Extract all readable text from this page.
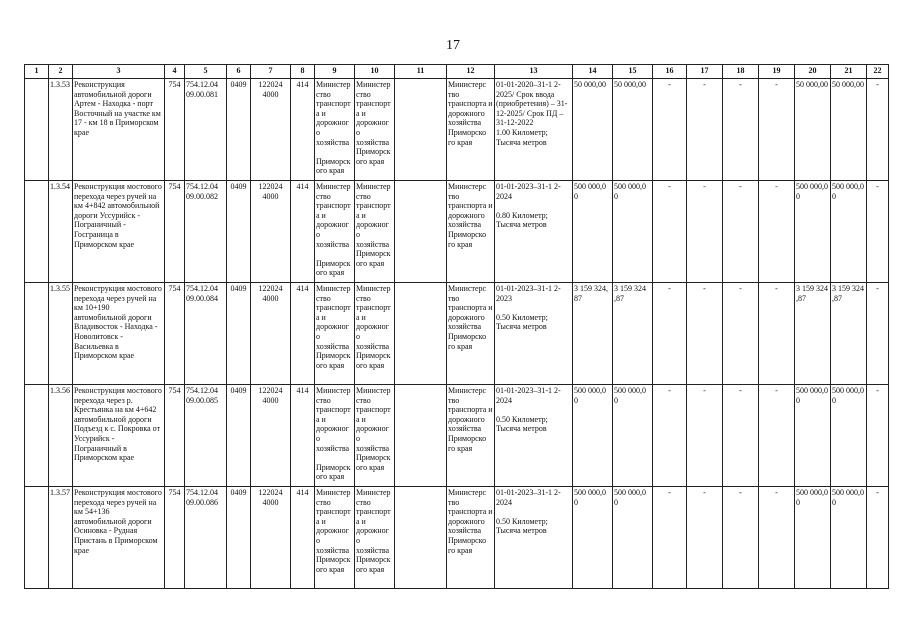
17
1	2	3	4	5	6	7	8	9	10	11	12	13	14	15	16	17	18	19	20	21	22
	1.3.53	Реконструкция автомобильной дороги Артем - Находка - порт Восточный на участке км 17 - км 18 в Приморском крае	754	754.12.04 09.00.081	0409	122024 4000	414	Министер ство транспорт а и дорожног о хозяйства

Приморск ого края	Министер ство транспорт а и дорожног о хозяйства Приморск ого края		Министерс тво транспорта и дорожного хозяйства Приморско го края	01-01-2020–31-1 2-2025/ Срок ввода (приобретения) – 31-12-2025/ Срок ПД – 31-12-2022
1.00 Километр; Тысяча метров	50 000,00	50 000,00	-	-	-	-	50 000,00	50 000,00	-
	1.3.54	Реконструкция мостового перехода через ручей на км 4+842 автомобильной дороги Уссурийск - Пограничный - Госграница в Приморском крае	754	754.12.04 09.00.082	0409	122024 4000	414	Министер ство транспорт а и дорожног о хозяйства

Приморск ого края	Министер ство транспорт а и дорожног о хозяйства Приморск ого края		Министерс тво транспорта и дорожного хозяйства Приморско го края	01-01-2023–31-1 2-2024

0.80 Километр; Тысяча метров	500 000,0 0	500 000,0 0	-	-	-	-	500 000,0 0	500 000,0 0	-
	1.3.55	Реконструкция мостового перехода через ручей на км 10+190 автомобильной дороги Владивосток - Находка - Новолитовск - Васильевка в Приморском крае	754	754.12.04 09.00.084	0409	122024 4000	414	Министер ство транспорт а и дорожног о хозяйства Приморск ого края	Министер ство транспорт а и дорожног о хозяйства Приморск ого края		Министерс тво транспорта и дорожного хозяйства Приморско го края	01-01-2023–31-1 2-2023

0.50 Километр; Тысяча метров	3 159 324, 87	3 159 324 ,87	-	-	-	-	3 159 324 ,87	3 159 324 ,87	-
	1.3.56	Реконструкция мостового перехода через р. Крестьянка на км 4+642 автомобильной дороги Подъезд к с. Покровка от Уссурийск - Пограничный в Приморском крае	754	754.12.04 09.00.085	0409	122024 4000	414	Министер ство транспорт а и дорожног о хозяйства

Приморск ого края	Министер ство транспорт а и дорожног о хозяйства Приморск ого края		Министерс тво транспорта и дорожного хозяйства Приморско го края	01-01-2023–31-1 2-2024

0.50 Километр; Тысяча метров	500 000,0 0	500 000,0 0	-	-	-	-	500 000,0 0	500 000,0 0	-
	1.3.57	Реконструкция мостового перехода через ручей на км 54+136 автомобильной дороги Осиновка - Рудная Пристань в Приморском крае	754	754.12.04 09.00.086	0409	122024 4000	414	Министер ство транспорт а и дорожног о хозяйства Приморск ого края	Министер ство транспорт а и дорожног о хозяйства Приморск ого края		Министерс тво транспорта и дорожного хозяйства Приморско го края	01-01-2023–31-1 2-2024

0.50 Километр; Тысяча метров	500 000,0 0	500 000,0 0	-	-	-	-	500 000,0 0	500 000,0 0	-
